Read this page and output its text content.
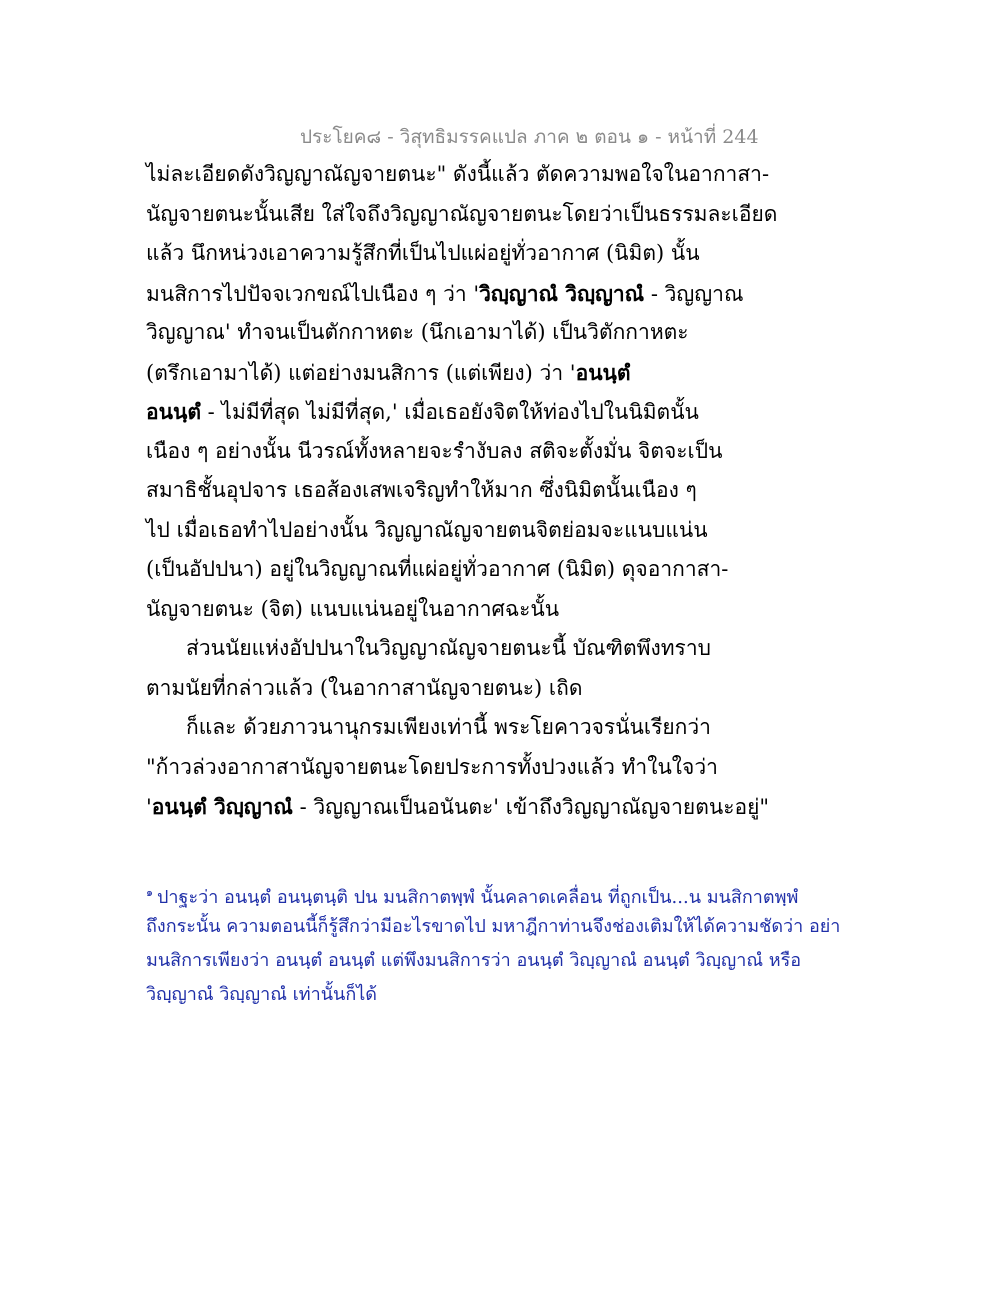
ประโยค๘ - วิสุทธิมรรคแปล ภาค ๒ ตอน ๑ - หน้าที่ 244
ไม่ละเอียดดังวิญญาณัญจายตนะ" ดังนี้แล้ว ตัดความพอใจในอากาสา-
นัญจายตนะนั้นเสีย ใส่ใจถึงวิญญาณัญจายตนะโดยว่าเป็นธรรมละเอียด
แล้ว นึกหน่วงเอาความรู้สึกที่เป็นไปแผ่อยู่ทั่วอากาศ (นิมิต) นั้น
มนสิการไปปัจจเวกขณ์ไปเนือง ๆ ว่า 'วิญฺญาณํ วิญฺญาณํ - วิญญาณ
วิญญาณ' ทำจนเป็นตักกาหตะ (นึกเอามาได้) เป็นวิตักกาหตะ
(ตรึกเอามาได้) แต่อย่างมนสิการ (แต่เพียง) ว่า 'อนนฺตํ
อนนฺตํ - ไม่มีที่สุด ไม่มีที่สุด,' เมื่อเธอยังจิตให้ท่องไปในนิมิตนั้น
เนือง ๆ อย่างนั้น นีวรณ์ทั้งหลายจะรำงับลง สติจะตั้งมั่น จิตจะเป็น
สมาธิชั้นอุปจาร เธอส้องเสพเจริญทำให้มาก ซึ่งนิมิตนั้นเนือง ๆ
ไป เมื่อเธอทำไปอย่างนั้น วิญญาณัญจายตนจิตย่อมจะแนบแน่น
(เป็นอัปปนา) อยู่ในวิญญาณที่แผ่อยู่ทั่วอากาศ (นิมิต) ดุจอากาสา-
นัญจายตนะ (จิต) แนบแน่นอยู่ในอากาศฉะนั้น
ส่วนนัยแห่งอัปปนาในวิญญาณัญจายตนะนี้ บัณฑิตพึงทราบ
ตามนัยที่กล่าวแล้ว (ในอากาสานัญจายตนะ) เถิด
ก็และ ด้วยภาวนานุกรมเพียงเท่านี้ พระโยคาวจรนั่นเรียกว่า
"ก้าวล่วงอากาสานัญจายตนะโดยประการทั้งปวงแล้ว ทำในใจว่า
'อนนฺตํ วิญฺญาณํ - วิญญาณเป็นอนันตะ' เข้าถึงวิญญาณัญจายตนะอยู่"
$^๑$ ปาฐะว่า อนนฺตํ อนนฺตนฺติ ปน มนสิกาตพฺพํ นั้นคลาดเคลื่อน ที่ถูกเป็น...น มนสิกาตพฺพํ
ถึงกระนั้น ความตอนนี้ก็รู้สึกว่ามีอะไรขาดไป มหาฎีกาท่านจึงช่องเติมให้ได้ความชัดว่า อย่า
มนสิการเพียงว่า อนนฺตํ อนนฺตํ แต่พึงมนสิการว่า อนนฺตํ วิญฺญาณํ อนนฺตํ วิญฺญาณํ หรือ
วิญฺญาณํ วิญฺญาณํ เท่านั้นก็ได้
